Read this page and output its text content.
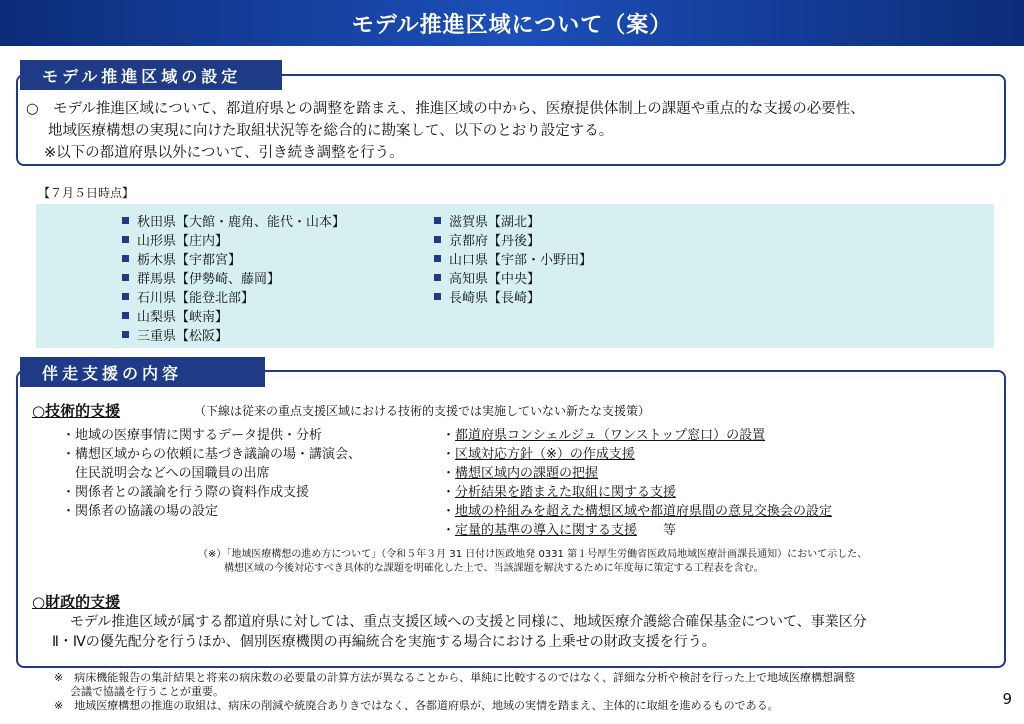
モデル推進区域について（案）

○　モデル推進区域について、都道府県との調整を踏まえ、推進区域の中から、医療提供体制上の課題や重点的な支援の必要性、

地域医療構想の実現に向けた取組状況等を総合的に勘案して、以下のとおり設定する。

※以下の都道府県以外について、引き続き調整を行う。

モデル推進区域の設定
【７月５日時点】
秋田県【大館・鹿角、能代・山本】
山形県【庄内】
栃木県【宇都宮】
群馬県【伊勢崎、藤岡】
石川県【能登北部】
山梨県【峡南】
三重県【松阪】
滋賀県【湖北】
京都府【丹後】
山口県【宇部・小野田】
高知県【中央】
長崎県【長崎】
○技術的支援	（下線は従来の重点支援区域における技術的支援では実施していない新たな支援策）
・地域の医療事情に関するデータ提供・分析
・構想区域からの依頼に基づき議論の場・講演会、
　住民説明会などへの国職員の出席
・関係者との議論を行う際の資料作成支援
・関係者の協議の場の設定
・都道府県コンシェルジュ（ワンストップ窓口）の設置
・区域対応方針（※）の作成支援
・構想区域内の課題の把握
・分析結果を踏まえた取組に関する支援
・地域の枠組みを超えた構想区域や都道府県間の意見交換会の設定
・定量的基準の導入に関する支援　　等
（※）「地域医療構想の進め方について」（令和５年３月 31 日付け医政地発 0331 第１号厚生労働省医政局地域医療計画課長通知）において示した、
構想区域の今後対応すべき具体的な課題を明確化した上で、当該課題を解決するために年度毎に策定する工程表を含む。
○財政的支援
モデル推進区域が属する都道府県に対しては、重点支援区域への支援と同様に、地域医療介護総合確保基金について、事業区分
Ⅱ・Ⅳの優先配分を行うほか、個別医療機関の再編統合を実施する場合における上乗せの財政支援を行う。
伴走支援の内容
※　病床機能報告の集計結果と将来の病床数の必要量の計算方法が異なることから、単純に比較するのではなく、詳細な分析や検討を行った上で地域医療構想調整
会議で協議を行うことが重要。
※　地域医療構想の推進の取組は、病床の削減や統廃合ありきではなく、各都道府県が、地域の実情を踏まえ、主体的に取組を進めるものである。	9
